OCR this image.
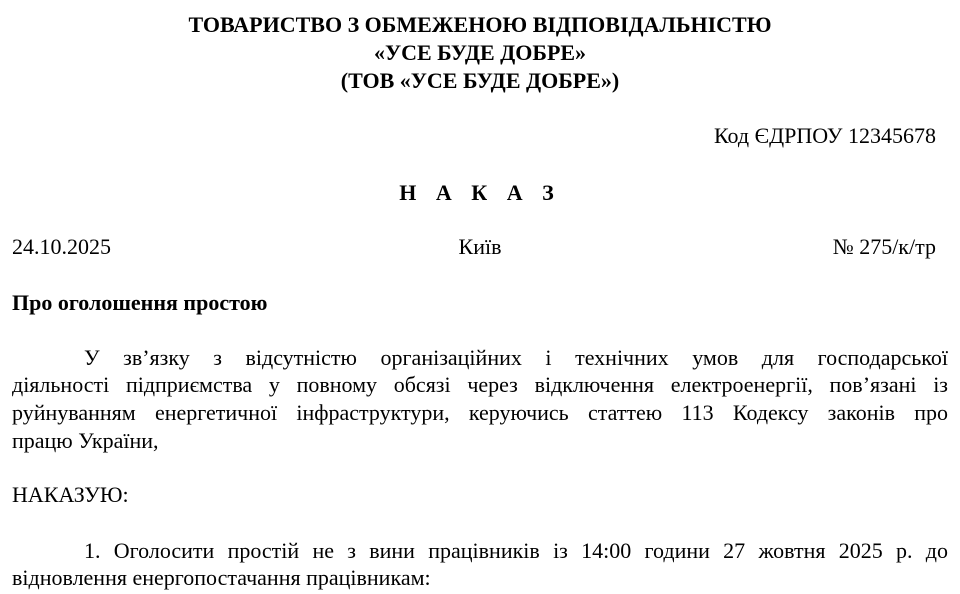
ТОВАРИСТВО З ОБМЕЖЕНОЮ ВІДПОВІДАЛЬНІСТЮ
«УСЕ БУДЕ ДОБРЕ»
(ТОВ «УСЕ БУДЕ ДОБРЕ»)
Код ЄДРПОУ 12345678
Н А К А З
24.10.2025	Київ	№ 275/к/тр
Про оголошення простою
У зв’язку з відсутністю організаційних і технічних умов для господарської
діяльності підприємства у повному обсязі через відключення електроенергії, пов’язані із
руйнуванням енергетичної інфраструктури, керуючись статтею 113 Кодексу законів про
працю України,
НАКАЗУЮ:
1. Оголосити простій не з вини працівників із 14:00 години 27 жовтня 2025 р. до
відновлення енергопостачання працівникам:
